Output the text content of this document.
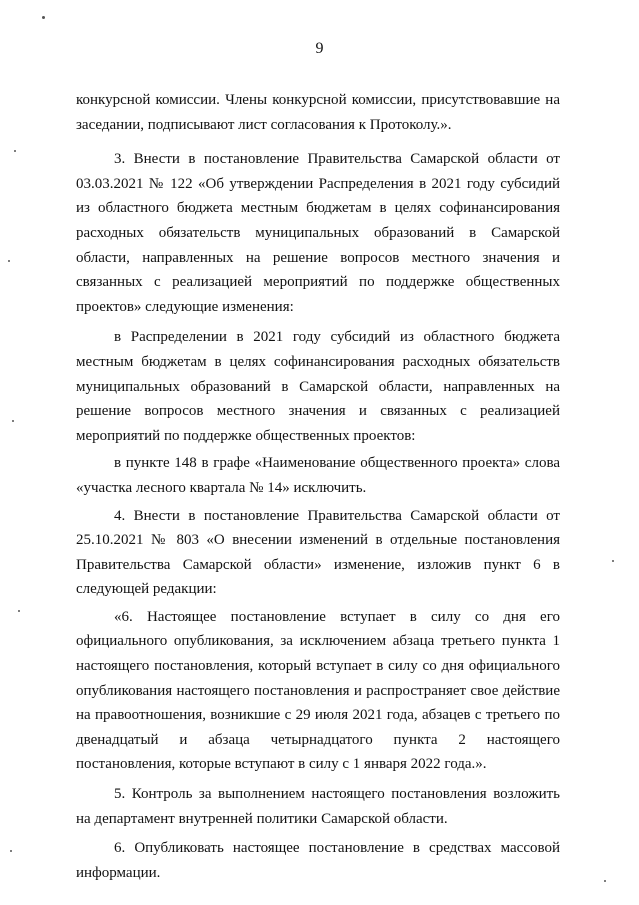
9

конкурсной комиссии. Члены конкурсной комиссии, присутствовавшие на заседании, подписывают лист согласования к Протоколу.».

3. Внести в постановление Правительства Самарской области от 03.03.2021 № 122 «Об утверждении Распределения в 2021 году субсидий из областного бюджета местным бюджетам в целях софинансирования расходных обязательств муниципальных образований в Самарской области, направленных на решение вопросов местного значения и связанных с реализацией мероприятий по поддержке общественных проектов» следующие изменения:

в Распределении в 2021 году субсидий из областного бюджета местным бюджетам в целях софинансирования расходных обязательств муниципальных образований в Самарской области, направленных на решение вопросов местного значения и связанных с реализацией мероприятий по поддержке общественных проектов:

в пункте 148 в графе «Наименование общественного проекта» слова «участка лесного квартала № 14» исключить.

4. Внести в постановление Правительства Самарской области от 25.10.2021 № 803 «О внесении изменений в отдельные постановления Правительства Самарской области» изменение, изложив пункт 6 в следующей редакции:

«6. Настоящее постановление вступает в силу со дня его официального опубликования, за исключением абзаца третьего пункта 1 настоящего постановления, который вступает в силу со дня официального опубликования настоящего постановления и распространяет свое действие на правоотношения, возникшие с 29 июля 2021 года, абзацев с третьего по двенадцатый и абзаца четырнадцатого пункта 2 настоящего постановления, которые вступают в силу с 1 января 2022 года.».

5. Контроль за выполнением настоящего постановления возложить на департамент внутренней политики Самарской области.

6. Опубликовать настоящее постановление в средствах массовой информации.
